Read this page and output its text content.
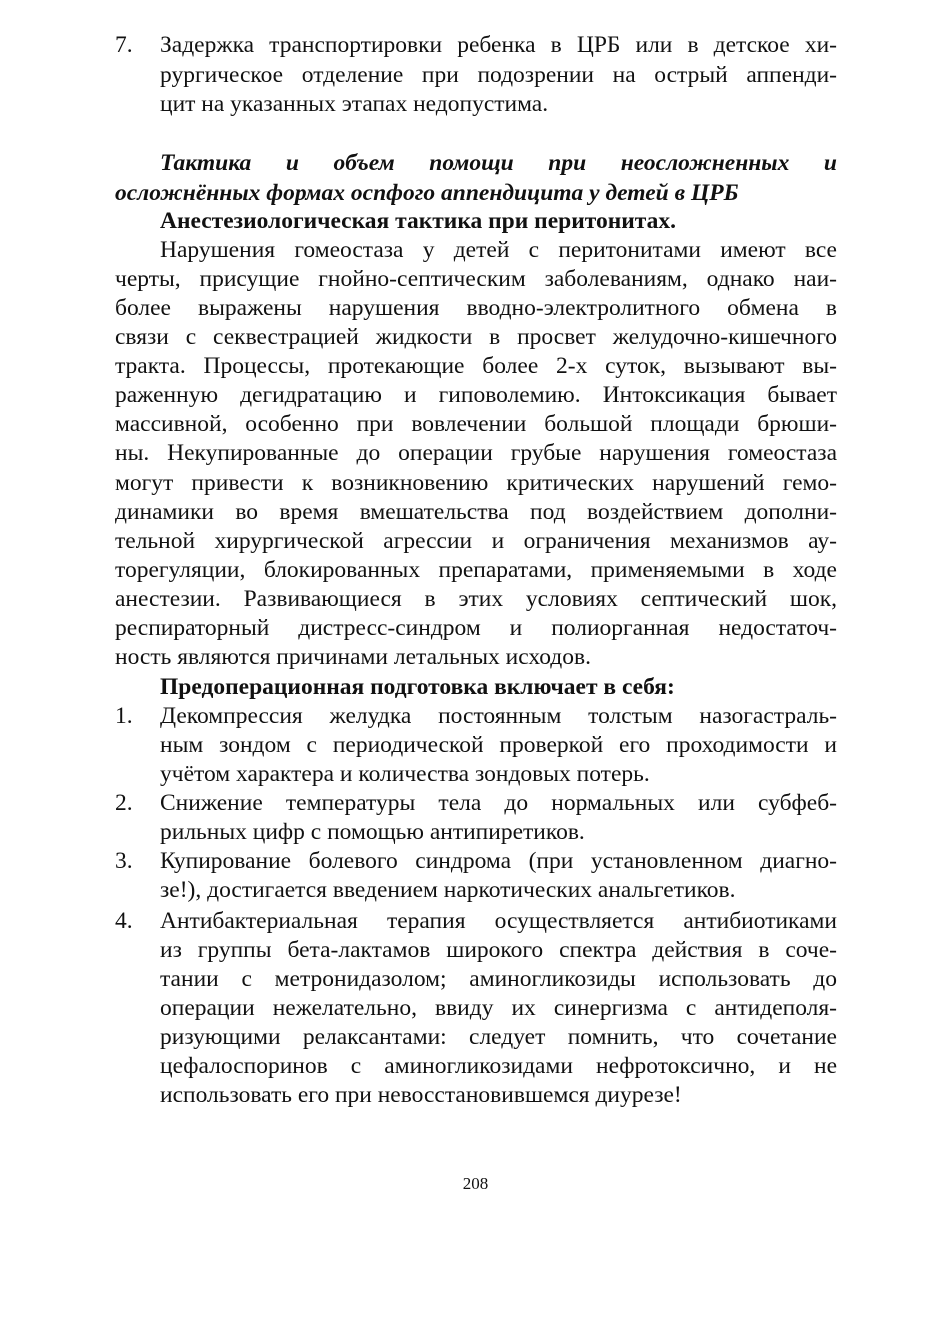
7. Задержка транспортировки ребенка в ЦРБ или в детское хи-
рургическое отделение при подозрении на острый аппенди-
цит на указанных этапах недопустима.
Тактика и объем помощи при неосложненных и
осложнённых формах оспфого аппендицита у детей в ЦРБ
Анестезиологическая тактика при перитонитах.
Нарушения гомеостаза у детей с перитонитами имеют все
черты, присущие гнойно-септическим заболеваниям, однако наи-
более выражены нарушения вводно-электролитного обмена в
связи с секвестрацией жидкости в просвет желудочно-кишечного
тракта. Процессы, протекающие более 2-х суток, вызывают вы-
раженную дегидратацию и гиповолемию. Интоксикация бывает
массивной, особенно при вовлечении большой площади брюши-
ны. Некупированные до операции грубые нарушения гомеостаза
могут привести к возникновению критических нарушений гемо-
динамики во время вмешательства под воздействием дополни-
тельной хирургической агрессии и ограничения механизмов ау-
торегуляции, блокированных препаратами, применяемыми в ходе
анестезии. Развивающиеся в этих условиях септический шок,
респираторный дистресс-синдром и полиорганная недостаточ-
ность являются причинами летальных исходов.
Предоперационная подготовка включает в себя:
1. Декомпрессия желудка постоянным толстым назогастраль-
ным зондом с периодической проверкой его проходимости и
учётом характера и количества зондовых потерь.
2. Снижение температуры тела до нормальных или субфеб-
рильных цифр с помощью антипиретиков.
3. Купирование болевого синдрома (при установленном диагно-
зе!), достигается введением наркотических анальгетиков.
4. Антибактериальная терапия осуществляется антибиотиками
из группы бета-лактамов широкого спектра действия в соче-
тании с метронидазолом; аминогликозиды использовать до
операции нежелательно, ввиду их синергизма с антидеполя-
ризующими релаксантами: следует помнить, что сочетание
цефалоспоринов с аминогликозидами нефротоксично, и не
использовать его при невосстановившемся диурезе!
208
